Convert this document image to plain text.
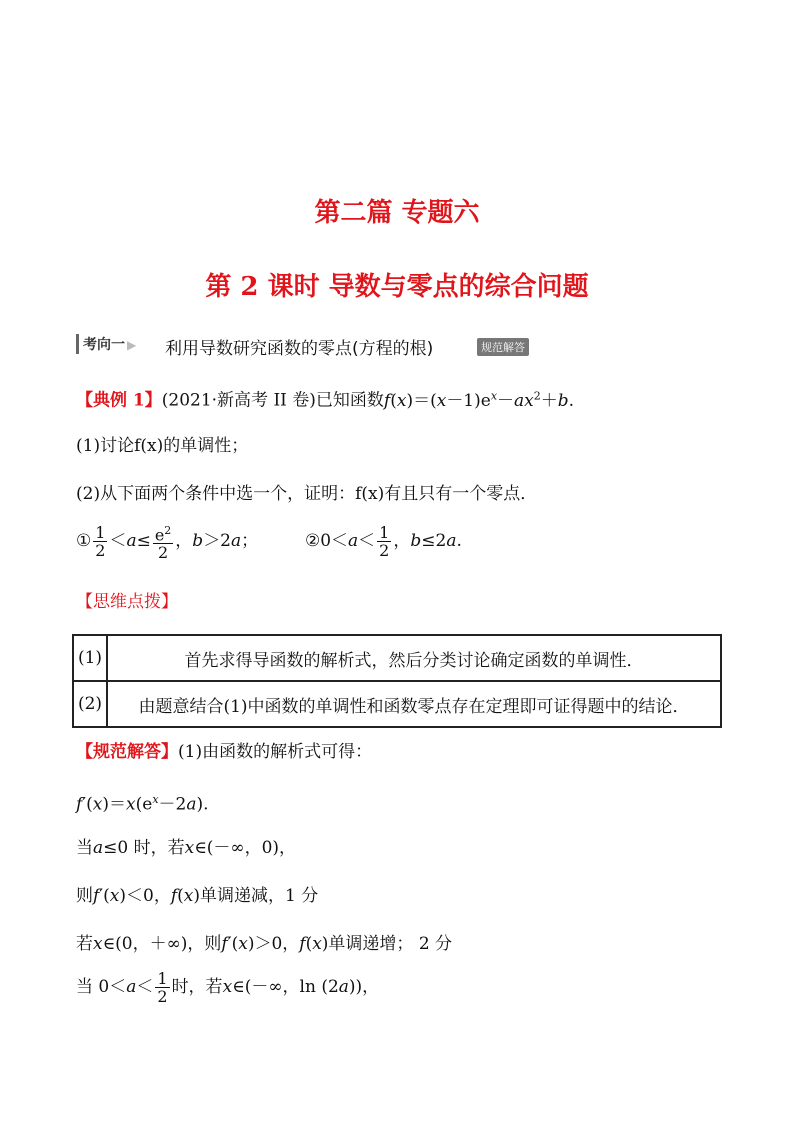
第二篇 专题六
第 2 课时 导数与零点的综合问题
考向一 ▶ 利用导数研究函数的零点(方程的根)	规范解答
【典例 1】(2021·新高考 II 卷)已知函数$f(x)=(x-1)e^x-ax^2+b$.
(1)讨论f(x)的单调性；
(2)从下面两个条件中选一个，证明：f(x)有且只有一个零点．
① $\frac{1}{2} <a\le \frac{e^2}{2}$ ，b＞2a；	②0＜a＜ $\frac{1}{2}$ ，b≤2a.
【思维点拨】
(1)	首先求得导函数的解析式，然后分类讨论确定函数的单调性．
(2)	由题意结合(1)中函数的单调性和函数零点存在定理即可证得题中的结论．
【规范解答】(1)由函数的解析式可得：
$f'(x)=x(e^x-2a)$.
当a≤0 时，若x∈(－∞，0)，
则f′(x)＜0，f(x)单调递减，1 分
若x∈(0，＋∞)，则f′(x)＞0，f(x)单调递增； 2 分
当 $0<a< \frac{1}{2}$ 时，若x∈(－∞，ln (2a))，
